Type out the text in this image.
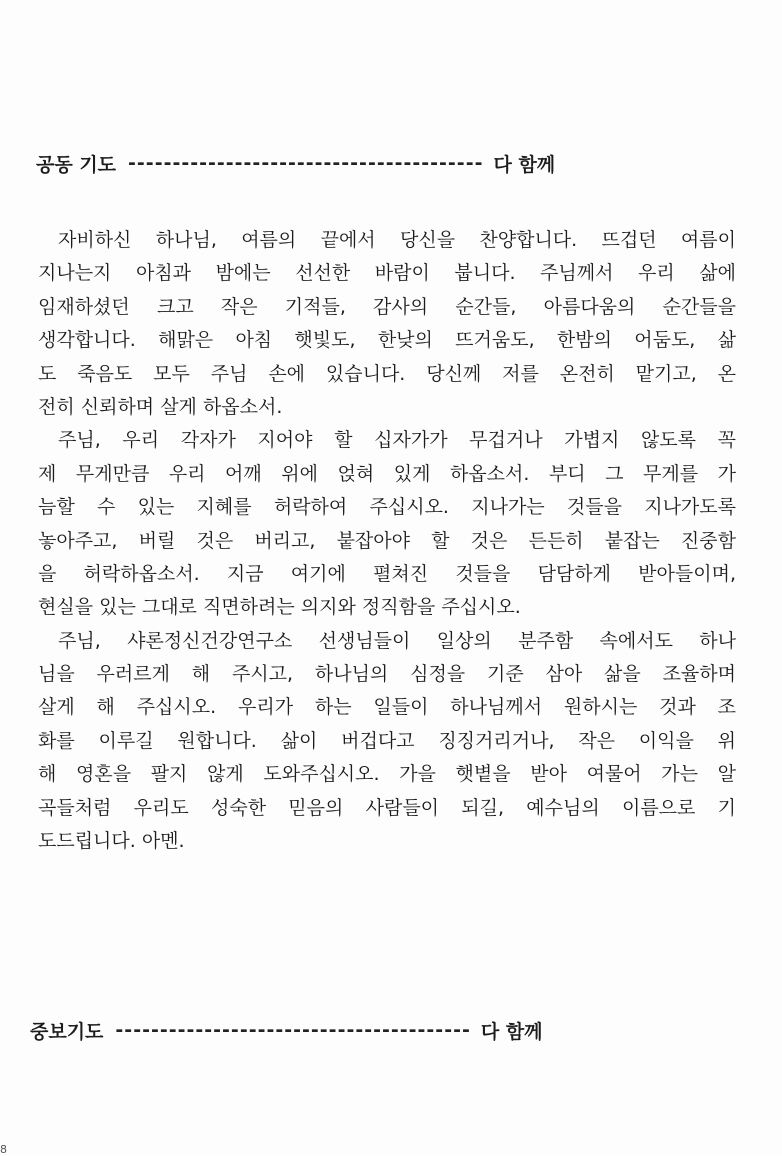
공동 기도 ---------------------------------------- 다 함께
자비하신 하나님, 여름의 끝에서 당신을 찬양합니다. 뜨겁던 여름이
지나는지 아침과 밤에는 선선한 바람이 붑니다. 주님께서 우리 삶에
임재하셨던 크고 작은 기적들, 감사의 순간들, 아름다움의 순간들을
생각합니다. 해맑은 아침 햇빛도, 한낮의 뜨거움도, 한밤의 어둠도, 삶
도 죽음도 모두 주님 손에 있습니다. 당신께 저를 온전히 맡기고, 온
전히 신뢰하며 살게 하옵소서.
주님, 우리 각자가 지어야 할 십자가가 무겁거나 가볍지 않도록 꼭
제 무게만큼 우리 어깨 위에 얹혀 있게 하옵소서. 부디 그 무게를 가
늠할 수 있는 지혜를 허락하여 주십시오. 지나가는 것들을 지나가도록
놓아주고, 버릴 것은 버리고, 붙잡아야 할 것은 든든히 붙잡는 진중함
을 허락하옵소서. 지금 여기에 펼쳐진 것들을 담담하게 받아들이며,
현실을 있는 그대로 직면하려는 의지와 정직함을 주십시오.
주님, 샤론정신건강연구소 선생님들이 일상의 분주함 속에서도 하나
님을 우러르게 해 주시고, 하나님의 심정을 기준 삼아 삶을 조율하며
살게 해 주십시오. 우리가 하는 일들이 하나님께서 원하시는 것과 조
화를 이루길 원합니다. 삶이 버겁다고 징징거리거나, 작은 이익을 위
해 영혼을 팔지 않게 도와주십시오. 가을 햇볕을 받아 여물어 가는 알
곡들처럼 우리도 성숙한 믿음의 사람들이 되길, 예수님의 이름으로 기
도드립니다. 아멘.
중보기도 ---------------------------------------- 다 함께
8
